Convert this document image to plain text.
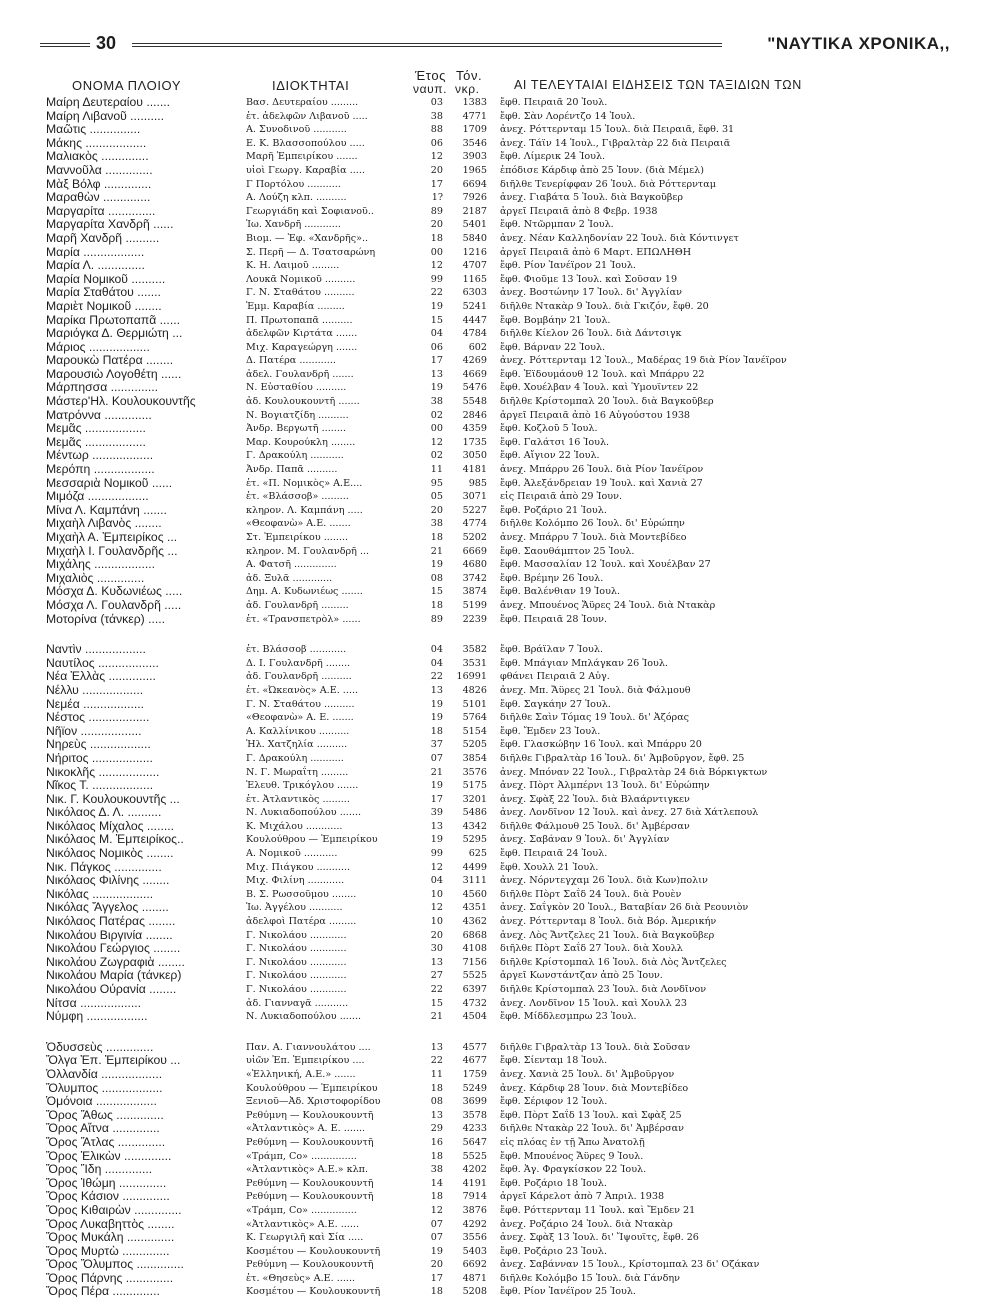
30	"ΝΑΥΤΙΚΑ ΧΡΟΝΙΚΑ,,
ΟΝΟΜΑ ΠΛΟΙΟΥ	ΙΔΙΟΚΤΗΤΑΙ
Έτος
ναυπ.
Τόν.
νκρ.	ΑΙ ΤΕΛΕΥΤΑΙΑΙ ΕΙΔΗΣΕΙΣ ΤΩΝ ΤΑΞΙΔΙΩΝ ΤΩΝ
Μαίρη Δευτεραίου .......	Βασ. Δευτεραίου .........	03	1383 ἔφθ. Πειραιᾶ 20 Ἰουλ.
Μαίρη Λιβανοῦ ..........	ἑτ. ἀδελφῶν Λιβανοῦ .....	38	4771 ἔφθ. Σὰν Λορέντζο 14 Ἰουλ.
Μαῶτις ...............	Α. Συνοδινοῦ ...........	88	1709 ἀνεχ. Ρόττερνταμ 15 Ἰουλ. διὰ Πειραιᾶ, ἔφθ. 31
Μάκης ..................	Ε. Κ. Βλασσοπούλου .....	06	3546 ἀνεχ. Τάϊν 14 Ἰουλ., Γιβραλτὰρ 22 διὰ Πειραιᾶ
Μαλιακὸς ..............	Μαρῆ Ἐμπειρίκου .......	12	3903 ἔφθ. Λίμερικ 24 Ἰουλ.
Μαννοῦλα ..............	υἱοὶ Γεωργ. Καραβία .....	20	1965 ἐπόδισε Κάρδιφ ἀπὸ 25 Ἰουν. (διὰ Μέμελ)
Μὰξ Βόλφ ..............	Γ Πορτόλου ...........	17	6694 διῆλθε Τενερίφφαν 26 Ἰουλ. διὰ Ρόττερνταμ
Μαραθὼν ..............	Α. Λούζη κλπ. ..........	1?	7926 ἀνεχ. Γιαβάτα 5 Ἰουλ. διὰ Βαγκοῦβερ
Μαργαρίτα ..............	Γεωργιάδη καὶ Σοφιανοῦ..	89	2187 ἀργεῖ Πειραιᾶ ἀπὸ 8 Φεβρ. 1938
Μαργαρίτα Χανδρῆ ......	Ἰω. Χανδρῆ ............	20	5401 ἔφθ. Ντῶρμπαν 2 Ἰουλ.
Μαρῆ Χανδρῆ ..........	Βιομ. — Ἐφ. «Χανδρῆς»..	18	5840 ἀνεχ. Νέαν Καλληδονίαν 22 Ἰουλ. διὰ Κόντινγετ
Μαρία ..................	Σ. Περῆ — Δ. Τσατσαρώνη	00	1216 ἀργεῖ Πειραιᾶ ἀπὸ 6 Μαρτ. ΕΠΩΛΗΘΗ
Μαρία Λ. ..............	Κ. Η. Λαιμοῦ .........	12	4707 ἔφθ. Ρίον Ἰανέϊρον 21 Ἰουλ.
Μαρία Νομικοῦ ..........	Λουκᾶ Νομικοῦ ..........	99	1165 ἔφθ. Φιοῦμε 13 Ἰουλ. καὶ Σοῦσαν 19
Μαρία Σταθάτου .......	Γ. Ν. Σταθάτου ..........	22	6303 ἀνεχ. Βοστώνην 17 Ἰουλ. δι' Ἀγγλίαν
Μαριὲτ Νομικοῦ ........	Ἐμμ. Καραβία .........	19	5241 διῆλθε Ντακὰρ 9 Ἰουλ. διὰ Γκιζόν, ἔφθ. 20
Μαρίκα Πρωτοπαπᾶ ......	Π. Πρωτοπαπᾶ ..........	15	4447 ἔφθ. Βομβάην 21 Ἰουλ.
Μαριόγκα Δ. Θερμιώτη ...	ἀδελφῶν Κιρτάτα .......	04	4784 διῆλθε Κίελον 26 Ἰουλ. διὰ Δάντσιγκ
Μάριος ..................	Μιχ. Καραγεώργη .......	06	602 ἔφθ. Βάρναν 22 Ἰουλ.
Μαρουκὼ Πατέρα ........	Δ. Πατέρα ............	17	4269 ἀνεχ. Ρόττερνταμ 12 Ἰουλ., Μαδέρας 19 διὰ Ρίον Ἰανέϊρον
Μαρουσιὼ Λογοθέτη ......	ἀδελ. Γουλανδρῆ .......	13	4669 ἔφθ. Ἐϊδουμάουθ 12 Ἰουλ. καὶ Μπάρρυ 22
Μάρπησσα ..............	Ν. Εὐσταθίου ..........	19	5476 ἔφθ. Χουέλβαν 4 Ἰουλ. καὶ Ὑμουϊντεν 22
Μάστερ'Ηλ. Κουλουκουντῆς	ἀδ. Κουλουκουντῆ .......	38	5548 διῆλθε Κρίστομπαλ 20 Ἰουλ. διὰ Βαγκοῦβερ
Ματρόννα ..............	Ν. Βογιατζίδη ..........	02	2846 ἀργεῖ Πειραιᾶ ἀπὸ 16 Αὐγούστου 1938
Μεμᾶς ..................	Ἀνδρ. Βεργωτῆ ........	00	4359 ἔφθ. Κοζλοῦ 5 Ἰουλ.
Μεμᾶς ..................	Μαρ. Κουρούκλη ........	12	1735 ἔφθ. Γαλάτσι 16 Ἰουλ.
Μέντωρ ..................	Γ. Δρακούλη ...........	02	3050 ἔφθ. Αἴγιον 22 Ἰουλ.
Μερόπη ..................	Ἀνδρ. Παπᾶ ..........	11	4181 ἀνεχ. Μπάρρυ 26 Ἰουλ. διὰ Ρίον Ἰανέϊρον
Μεσσαριὰ Νομικοῦ ......	ἑτ. «Π. Νομικὸς» Α.Ε....	95	985 ἔφθ. Ἀλεξάνδρειαν 19 Ἰουλ. καὶ Χανιὰ 27
Μιμόζα ..................	ἑτ. «Βλάσσοβ» .........	05	3071 εἰς Πειραιᾶ ἀπὸ 29 Ἰουν.
Μίνα Λ. Καμπάνη .......	κληρον. Λ. Καμπάνη .....	20	5227 ἔφθ. Ροζάριο 21 Ἰουλ.
Μιχαὴλ Λιβανὸς ........	«Θεοφανὼ» Α.Ε. .......	38	4774 διῆλθε Κολόμπο 26 Ἰουλ. δι' Εὐρώπην
Μιχαὴλ Α. Ἐμπειρίκος ...	Στ. Ἐμπειρίκου ........	18	5202 ἀνεχ. Μπάρρυ 7 Ἰουλ. διὰ Μοντεβίδεο
Μιχαὴλ Ι. Γουλανδρῆς ...	κληρον. Μ. Γουλανδρῆ ...	21	6669 ἔφθ. Σαουθάμπτον 25 Ἰουλ.
Μιχάλης ..................	Α. Φατσῆ ..............	19	4680 ἔφθ. Μασσαλίαν 12 Ἰουλ. καὶ Χουέλβαν 27
Μιχαλιὸς ..............	ἀδ. Ξυλᾶ .............	08	3742 ἔφθ. Βρέμην 26 Ἰουλ.
Μόσχα Δ. Κυδωνιέως .....	Δημ. Α. Κυδωνιέως .......	15	3874 ἔφθ. Βαλένθιαν 19 Ἰουλ.
Μόσχα Λ. Γουλανδρῆ .....	ἀδ. Γουλανδρῆ .........	18	5199 ἀνεχ. Μπουένος Ἄϋρες 24 Ἰουλ. διὰ Ντακὰρ
Μοτορίνα (τάνκερ) .....	ἑτ. «Τρανσπετρὸλ» ......	89	2239 ἔφθ. Πειραιᾶ 28 Ἰουν.
Ναντὶν ..................	ἑτ. Βλάσσοβ ............	04	3582 ἔφθ. Βράϊλαν 7 Ἰουλ.
Ναυτίλος ..................	Δ. Ι. Γουλανδρῆ ........	04	3531 ἔφθ. Μπάγιαν Μπλάγκαν 26 Ἰουλ.
Νέα Ἑλλὰς ..............	ἀδ. Γουλανδρῆ ..........	22	16991 φθάνει Πειραιᾶ 2 Αὐγ.
Νέλλυ ..................	ἑτ. «Ὠκεανὸς» Α.Ε. .....	13	4826 ἀνεχ. Μπ. Ἄϋρες 21 Ἰουλ. διὰ Φάλμουθ
Νεμέα ..................	Γ. Ν. Σταθάτου ..........	19	5101 ἔφθ. Σαγκάην 27 Ἰουλ.
Νέστος ..................	«Θεοφανὼ» Α. Ε. .......	19	5764 διῆλθε Σαὶν Τόμας 19 Ἰουλ. δι' Ἀζόρας
Νῆϊον ..................	Α. Καλλίνικου ..........	18	5154 ἔφθ. Ἔμδεν 23 Ἰουλ.
Νηρεὺς ..................	Ἠλ. Χατζηλία ..........	37	5205 ἔφθ. Γλασκώβην 16 Ἰουλ. καὶ Μπάρρυ 20
Νήριτος ..................	Γ. Δρακούλη ...........	07	3854 διῆλθε Γιβραλτὰρ 16 Ἰουλ. δι' Ἀμβοῦργον, ἔφθ. 25
Νικοκλῆς ..................	Ν. Γ. Μωραΐτη .........	21	3576 ἀνεχ. Μπόναν 22 Ἰουλ., Γιβραλτὰρ 24 διὰ Βόρκιγκτων
Νῖκος Τ. ..................	Ἐλευθ. Τρικόγλου .......	19	5175 ἀνεχ. Πὸρτ Ἀλμπέρνι 13 Ἰουλ. δι' Εὐρώπην
Νικ. Γ. Κουλουκουντῆς ...	ἑτ. Ἀτλαντικὸς .........	17	3201 ἀνεχ. Σφὰξ 22 Ἰουλ. διὰ Βλαάρντιγκεν
Νικόλαος Δ. Λ. ..........	Ν. Λυκιαδοπούλου .......	39	5486 ἀνεχ. Λονδῖνον 12 Ἰουλ. καὶ ἀνεχ. 27 διὰ Χάτλεπουλ
Νικόλαος Μίχαλος ........	Κ. Μιχάλου ............	13	4342 διῆλθε Φάλμουθ 25 Ἰουλ. δι' Ἀμβέρσαν
Νικόλαος Μ. Ἐμπειρίκος..	Κουλούθρου — Ἐμπειρίκου	19	5295 ἀνεχ. Σαβάναν 9 Ἰουλ. δι' Ἀγγλίαν
Νικόλαος Νομικὸς ........	Α. Νομικοῦ ...........	99	625 ἔφθ. Πειραιᾶ 24 Ἰουλ.
Νικ. Πάγκος ..............	Μιχ. Πιάγκου ...........	12	4499 ἔφθ. Χουλλ 21 Ἰουλ.
Νικόλαος Φιλίνης ........	Μιχ. Φιλίνη ............	04	3111 ἀνεχ. Νόρντεγχαμ 26 Ἰουλ. διὰ Κων)πολιν
Νικόλας ..................	Β. Σ. Ρωσσοῦμου ........	10	4560 διῆλθε Πὸρτ Σαΐδ 24 Ἰουλ. διὰ Ρουὲν
Νικόλας Ἄγγελος ........	Ἰω. Ἀγγέλου ...........	12	4351 ἀνεχ. Σαΐγκὸν 20 Ἰουλ., Βαταβίαν 26 διὰ Ρεουνιὸν
Νικόλαος Πατέρας ........	ἀδελφοὶ Πατέρα .........	10	4362 ἀνεχ. Ρόττερνταμ 8 Ἰουλ. διὰ Βόρ. Ἀμερικήν
Νικολάου Βιργινία ........	Γ. Νικολάου ............	20	6868 ἀνεχ. Λὸς Ἄντζελες 21 Ἰουλ. διὰ Βαγκοῦβερ
Νικολάου Γεώργιος ........	Γ. Νικολάου ............	30	4108 διῆλθε Πὸρτ Σαΐδ 27 Ἰουλ. διὰ Χουλλ
Νικολάου Ζωγραφιὰ ........	Γ. Νικολάου ............	13	7156 διῆλθε Κρίστομπαλ 16 Ἰουλ. διὰ Λὸς Ἄντζελες
Νικολάου Μαρία (τάνκερ)	Γ. Νικολάου ............	27	5525 ἀργεῖ Κωνστάντζαν ἀπὸ 25 Ἰουν.
Νικολάου Ούρανία ........	Γ. Νικολάου ............	22	6397 διῆλθε Κρίστομπαλ 23 Ἰουλ. διὰ Λονδῖνον
Νίτσα ..................	ἀδ. Γιανναγᾶ ...........	15	4732 ἀνεχ. Λονδῖνον 15 Ἰουλ. καὶ Χουλλ 23
Νύμφη ..................	Ν. Λυκιαδοπούλου .......	21	4504 ἔφθ. Μίδδλεσμπρω 23 Ἰουλ.
Ὀδυσσεὺς ..............	Παν. Α. Γιαννουλάτου ....	13	4577 διῆλθε Γιβραλτὰρ 13 Ἰουλ. διὰ Σοῦσαν
Ὄλγα Ἐπ. Ἐμπειρίκου ...	υἱῶν Ἐπ. Ἐμπειρίκου ....	22	4677 ἔφθ. Σίενταμ 18 Ἰουλ.
Ὀλλανδία ..................	«Ἑλληνική, Α.Ε.» .......	11	1759 ἀνεχ. Χανιὰ 25 Ἰουλ. δι' Ἀμβοῦργον
Ὄλυμπος ..................	Κουλούθρου — Ἐμπειρίκου	18	5249 ἀνεχ. Κάρδιφ 28 Ἰουν. διὰ Μοντεβίδεο
Ὁμόνοια ..................	Ξενιοῦ—Ἀδ. Χριστοφορίδου	08	3699 ἔφθ. Σέριφον 12 Ἰουλ.
Ὄρος Ἄθως ..............	Ρεθύμνη — Κουλουκουντῆ	13	3578 ἔφθ. Πὸρτ Σαΐδ 13 Ἰουλ. καὶ Σφὰξ 25
Ὄρος Αἴτνα ..............	«Ἀτλαντικὸς» Α. Ε. .......	29	4233 διῆλθε Ντακὰρ 22 Ἰουλ. δι' Ἀμβέρσαν
Ὄρος Ἄτλας ..............	Ρεθύμνη — Κουλουκουντῆ	16	5647 εἰς πλόας ἐν τῇ Ἄπω Ἀνατολῇ
Ὄρος Ἑλικὼν ..............	«Τράμπ, Co» ...............	18	5525 ἔφθ. Μπουένος Ἄϋρες 9 Ἰουλ.
Ὄρος Ἴδη ..............	«Ἀτλαντικὸς» Α.Ε.» κλπ.	38	4202 ἔφθ. Ἁγ. Φραγκίσκον 22 Ἰουλ.
Ὄρος Ἰθώμη ..............	Ρεθύμνη — Κουλουκουντῆ	14	4191 ἔφθ. Ροζάριο 18 Ἰουλ.
Ὄρος Κάσιον ..............	Ρεθύμνη — Κουλουκουντῆ	18	7914 ἀργεῖ Κάρελοτ ἀπὸ 7 Ἀπριλ. 1938
Ὄρος Κιθαιρὼν ..............	«Τράμπ, Co» ...............	12	3876 ἔφθ. Ρόττερνταμ 11 Ἰουλ. καὶ Ἔμδεν 21
Ὄρος Λυκαβηττὸς ........	«Ἀτλαντικὸς» Α.Ε. ......	07	4292 ἀνεχ. Ροζάριο 24 Ἰουλ. διὰ Ντακὰρ
Ὄρος Μυκάλη ..............	Κ. Γεωργιλῆ καὶ Σία .....	07	3556 ἀνεχ. Σφὰξ 13 Ἰουλ. δι' Ἴψουϊτς, ἔφθ. 26
Ὄρος Μυρτὼ ..............	Κοσμέτου — Κουλουκουντῆ	19	5403 ἔφθ. Ροζάριο 23 Ἰουλ.
Ὄρος Ὄλυμπος ..............	Ρεθύμνη — Κουλουκουντῆ	20	6692 ἀνεχ. Σαβάνναν 15 Ἰουλ., Κρίστομπαλ 23 δι' Οζάκαν
Ὄρος Πάρνης ..............	ἑτ. «Θησεὺς» Α.Ε. ......	17	4871 διῆλθε Κολόμβο 15 Ἰουλ. διὰ Γάνδην
Ὄρος Πέρα ..............	Κοσμέτου — Κουλουκουντῆ	18	5208 ἔφθ. Ρίον Ἰανέϊρον 25 Ἰουλ.
